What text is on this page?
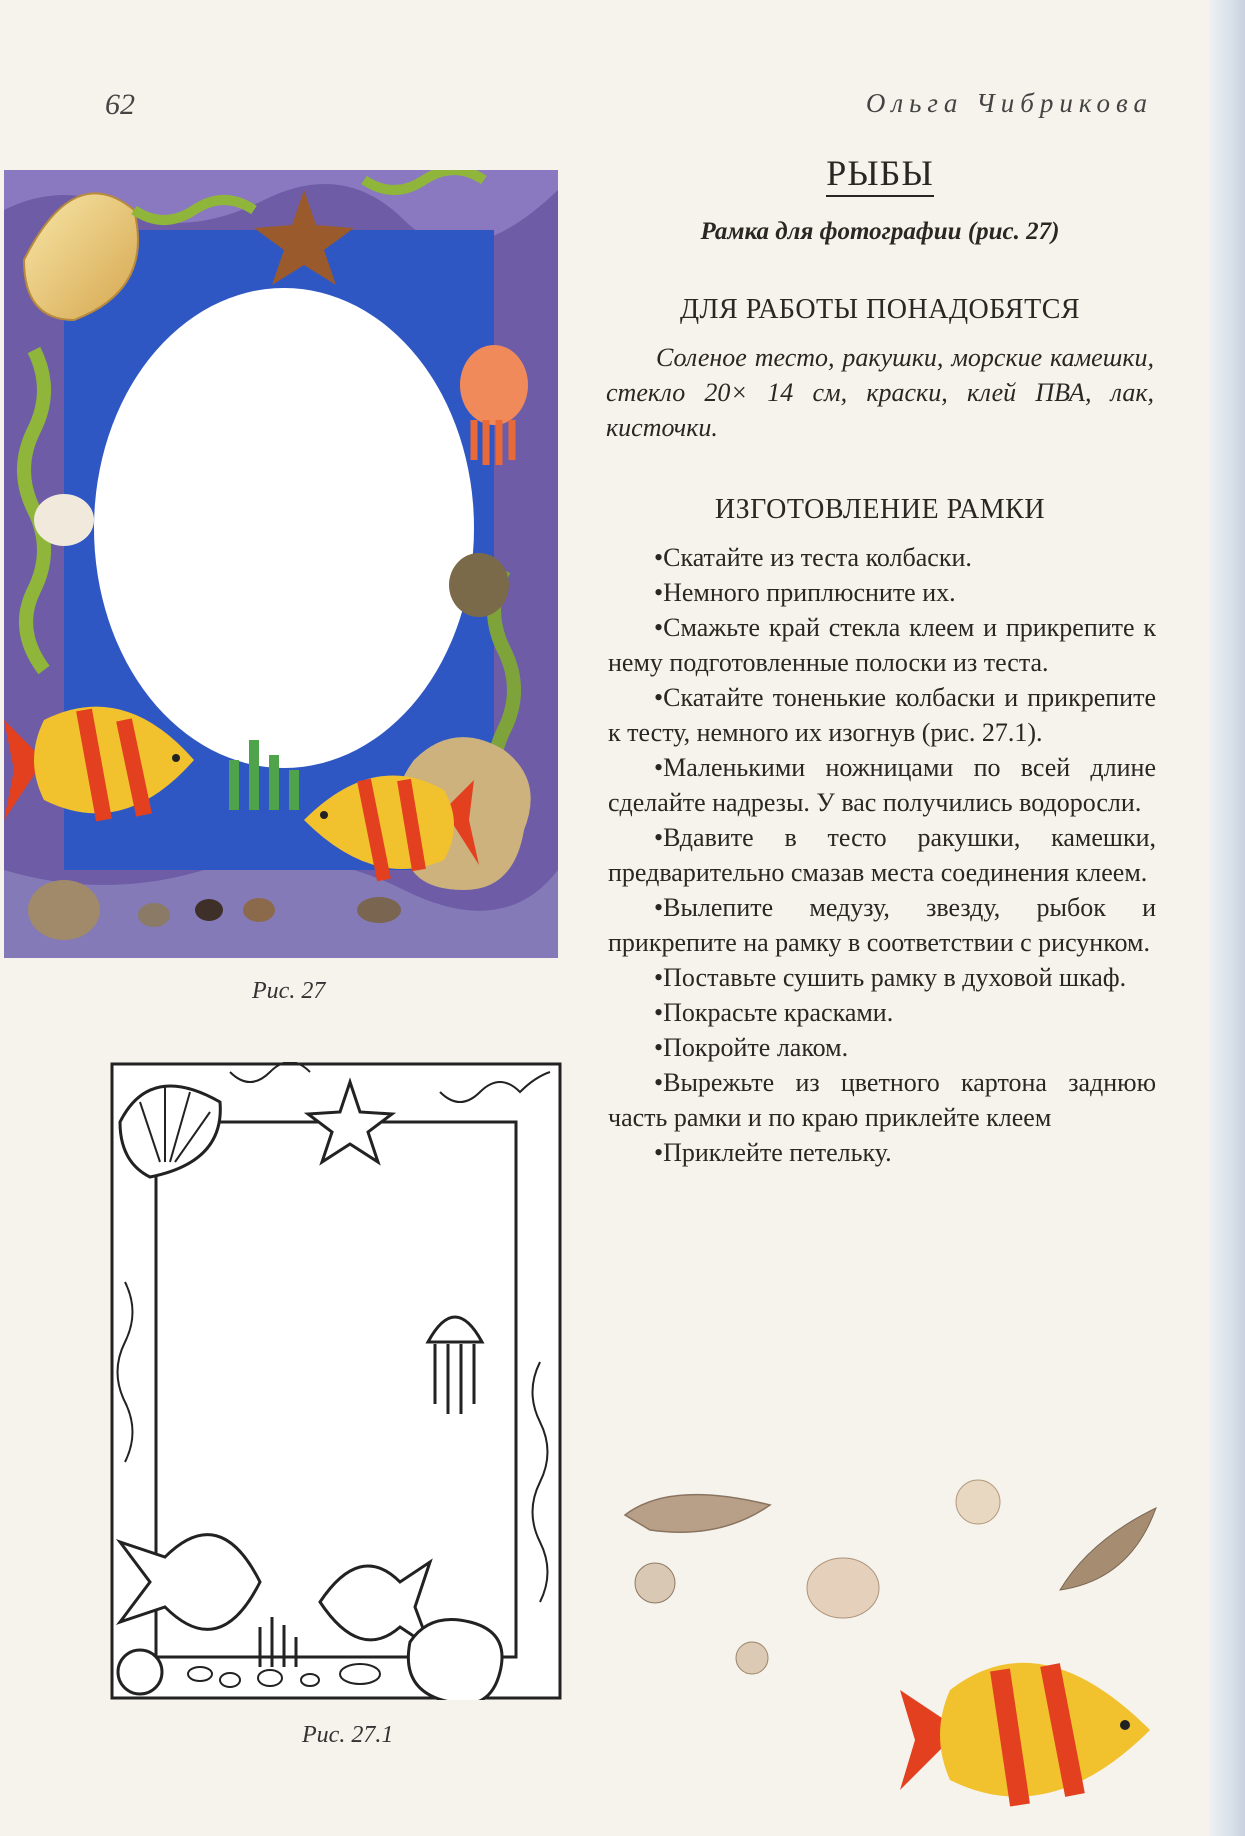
62	Ольга Чибрикова
Рис. 27
Рис. 27.1
РЫБЫ
Рамка для фотографии (рис. 27)
ДЛЯ РАБОТЫ ПОНАДОБЯТСЯ
Соленое тесто, ракушки, морские камешки, стекло 20× 14 см, краски, клей ПВА, лак, кисточки.
ИЗГОТОВЛЕНИЕ РАМКИ

• Скатайте из теста колбаски.

• Немного приплюсните их.

• Смажьте край стекла клеем и прикрепите к нему подготовленные полоски из теста.

• Скатайте тоненькие колбаски и прикрепите к тесту, немного их изогнув (рис. 27.1).

• Маленькими ножницами по всей длине сделайте надрезы. У вас получились водоросли.

• Вдавите в тесто ракушки, камешки, предварительно смазав места соединения клеем.

• Вылепите медузу, звезду, рыбок и прикрепите на рамку в соответствии с рисунком.

• Поставьте сушить рамку в духовой шкаф.

• Покрасьте красками.

• Покройте лаком.

• Вырежьте из цветного картона заднюю часть рамки и по краю приклейте клеем

• Приклейте петельку.
